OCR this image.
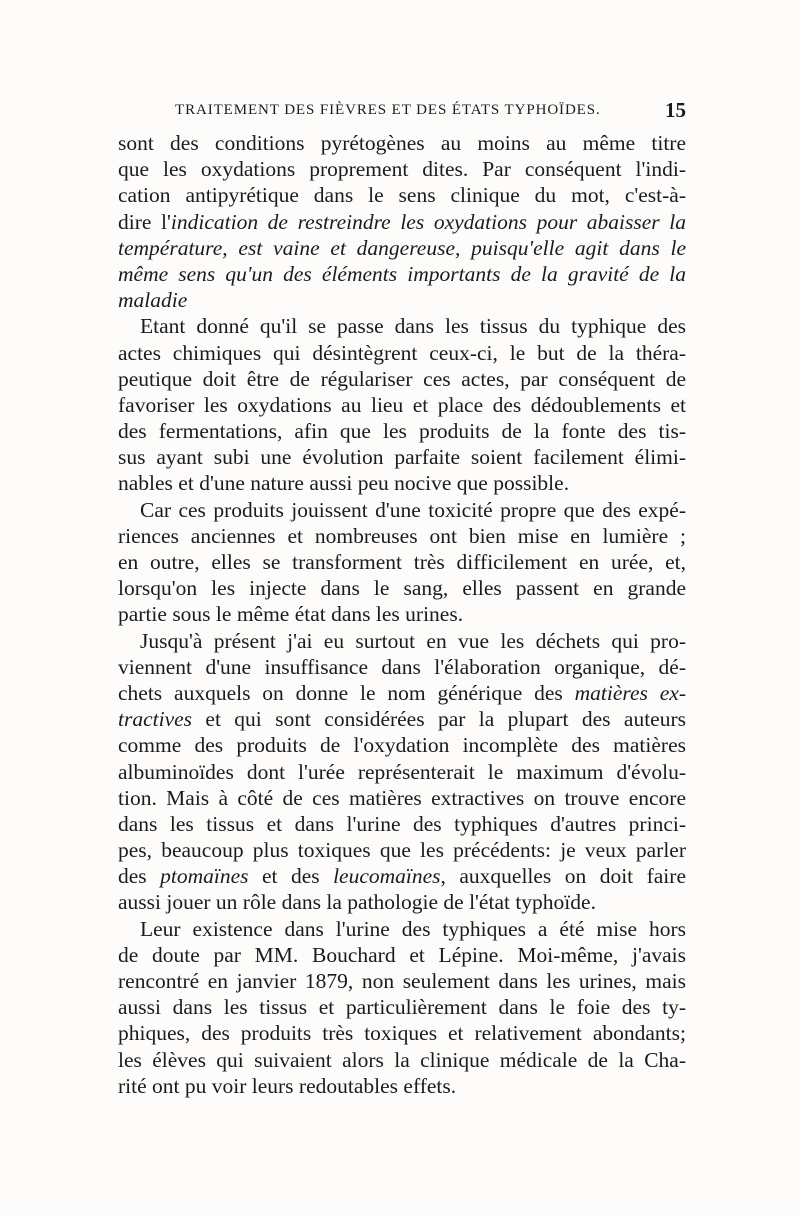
TRAITEMENT DES FIÈVRES ET DES ÉTATS TYPHOÏDES.	15
sont des conditions pyrétogènes au moins au même titre
que les oxydations proprement dites. Par conséquent l'indi-
cation antipyrétique dans le sens clinique du mot, c'est-à-
dire l'indication de restreindre les oxydations pour abaisser la
température, est vaine et dangereuse, puisqu'elle agit dans le
même sens qu'un des éléments importants de la gravité de la
maladie
Etant donné qu'il se passe dans les tissus du typhique des
actes chimiques qui désintègrent ceux-ci, le but de la théra-
peutique doit être de régulariser ces actes, par conséquent de
favoriser les oxydations au lieu et place des dédoublements et
des fermentations, afin que les produits de la fonte des tis-
sus ayant subi une évolution parfaite soient facilement élimi-
nables et d'une nature aussi peu nocive que possible.
Car ces produits jouissent d'une toxicité propre que des expé-
riences anciennes et nombreuses ont bien mise en lumière ;
en outre, elles se transforment très difficilement en urée, et,
lorsqu'on les injecte dans le sang, elles passent en grande
partie sous le même état dans les urines.
Jusqu'à présent j'ai eu surtout en vue les déchets qui pro-
viennent d'une insuffisance dans l'élaboration organique, dé-
chets auxquels on donne le nom générique des matières ex-
tractives et qui sont considérées par la plupart des auteurs
comme des produits de l'oxydation incomplète des matières
albuminoïdes dont l'urée représenterait le maximum d'évolu-
tion. Mais à côté de ces matières extractives on trouve encore
dans les tissus et dans l'urine des typhiques d'autres princi-
pes, beaucoup plus toxiques que les précédents: je veux parler
des ptomaïnes et des leucomaïnes, auxquelles on doit faire
aussi jouer un rôle dans la pathologie de l'état typhoïde.
Leur existence dans l'urine des typhiques a été mise hors
de doute par MM. Bouchard et Lépine. Moi-même, j'avais
rencontré en janvier 1879, non seulement dans les urines, mais
aussi dans les tissus et particulièrement dans le foie des ty-
phiques, des produits très toxiques et relativement abondants;
les élèves qui suivaient alors la clinique médicale de la Cha-
rité ont pu voir leurs redoutables effets.
